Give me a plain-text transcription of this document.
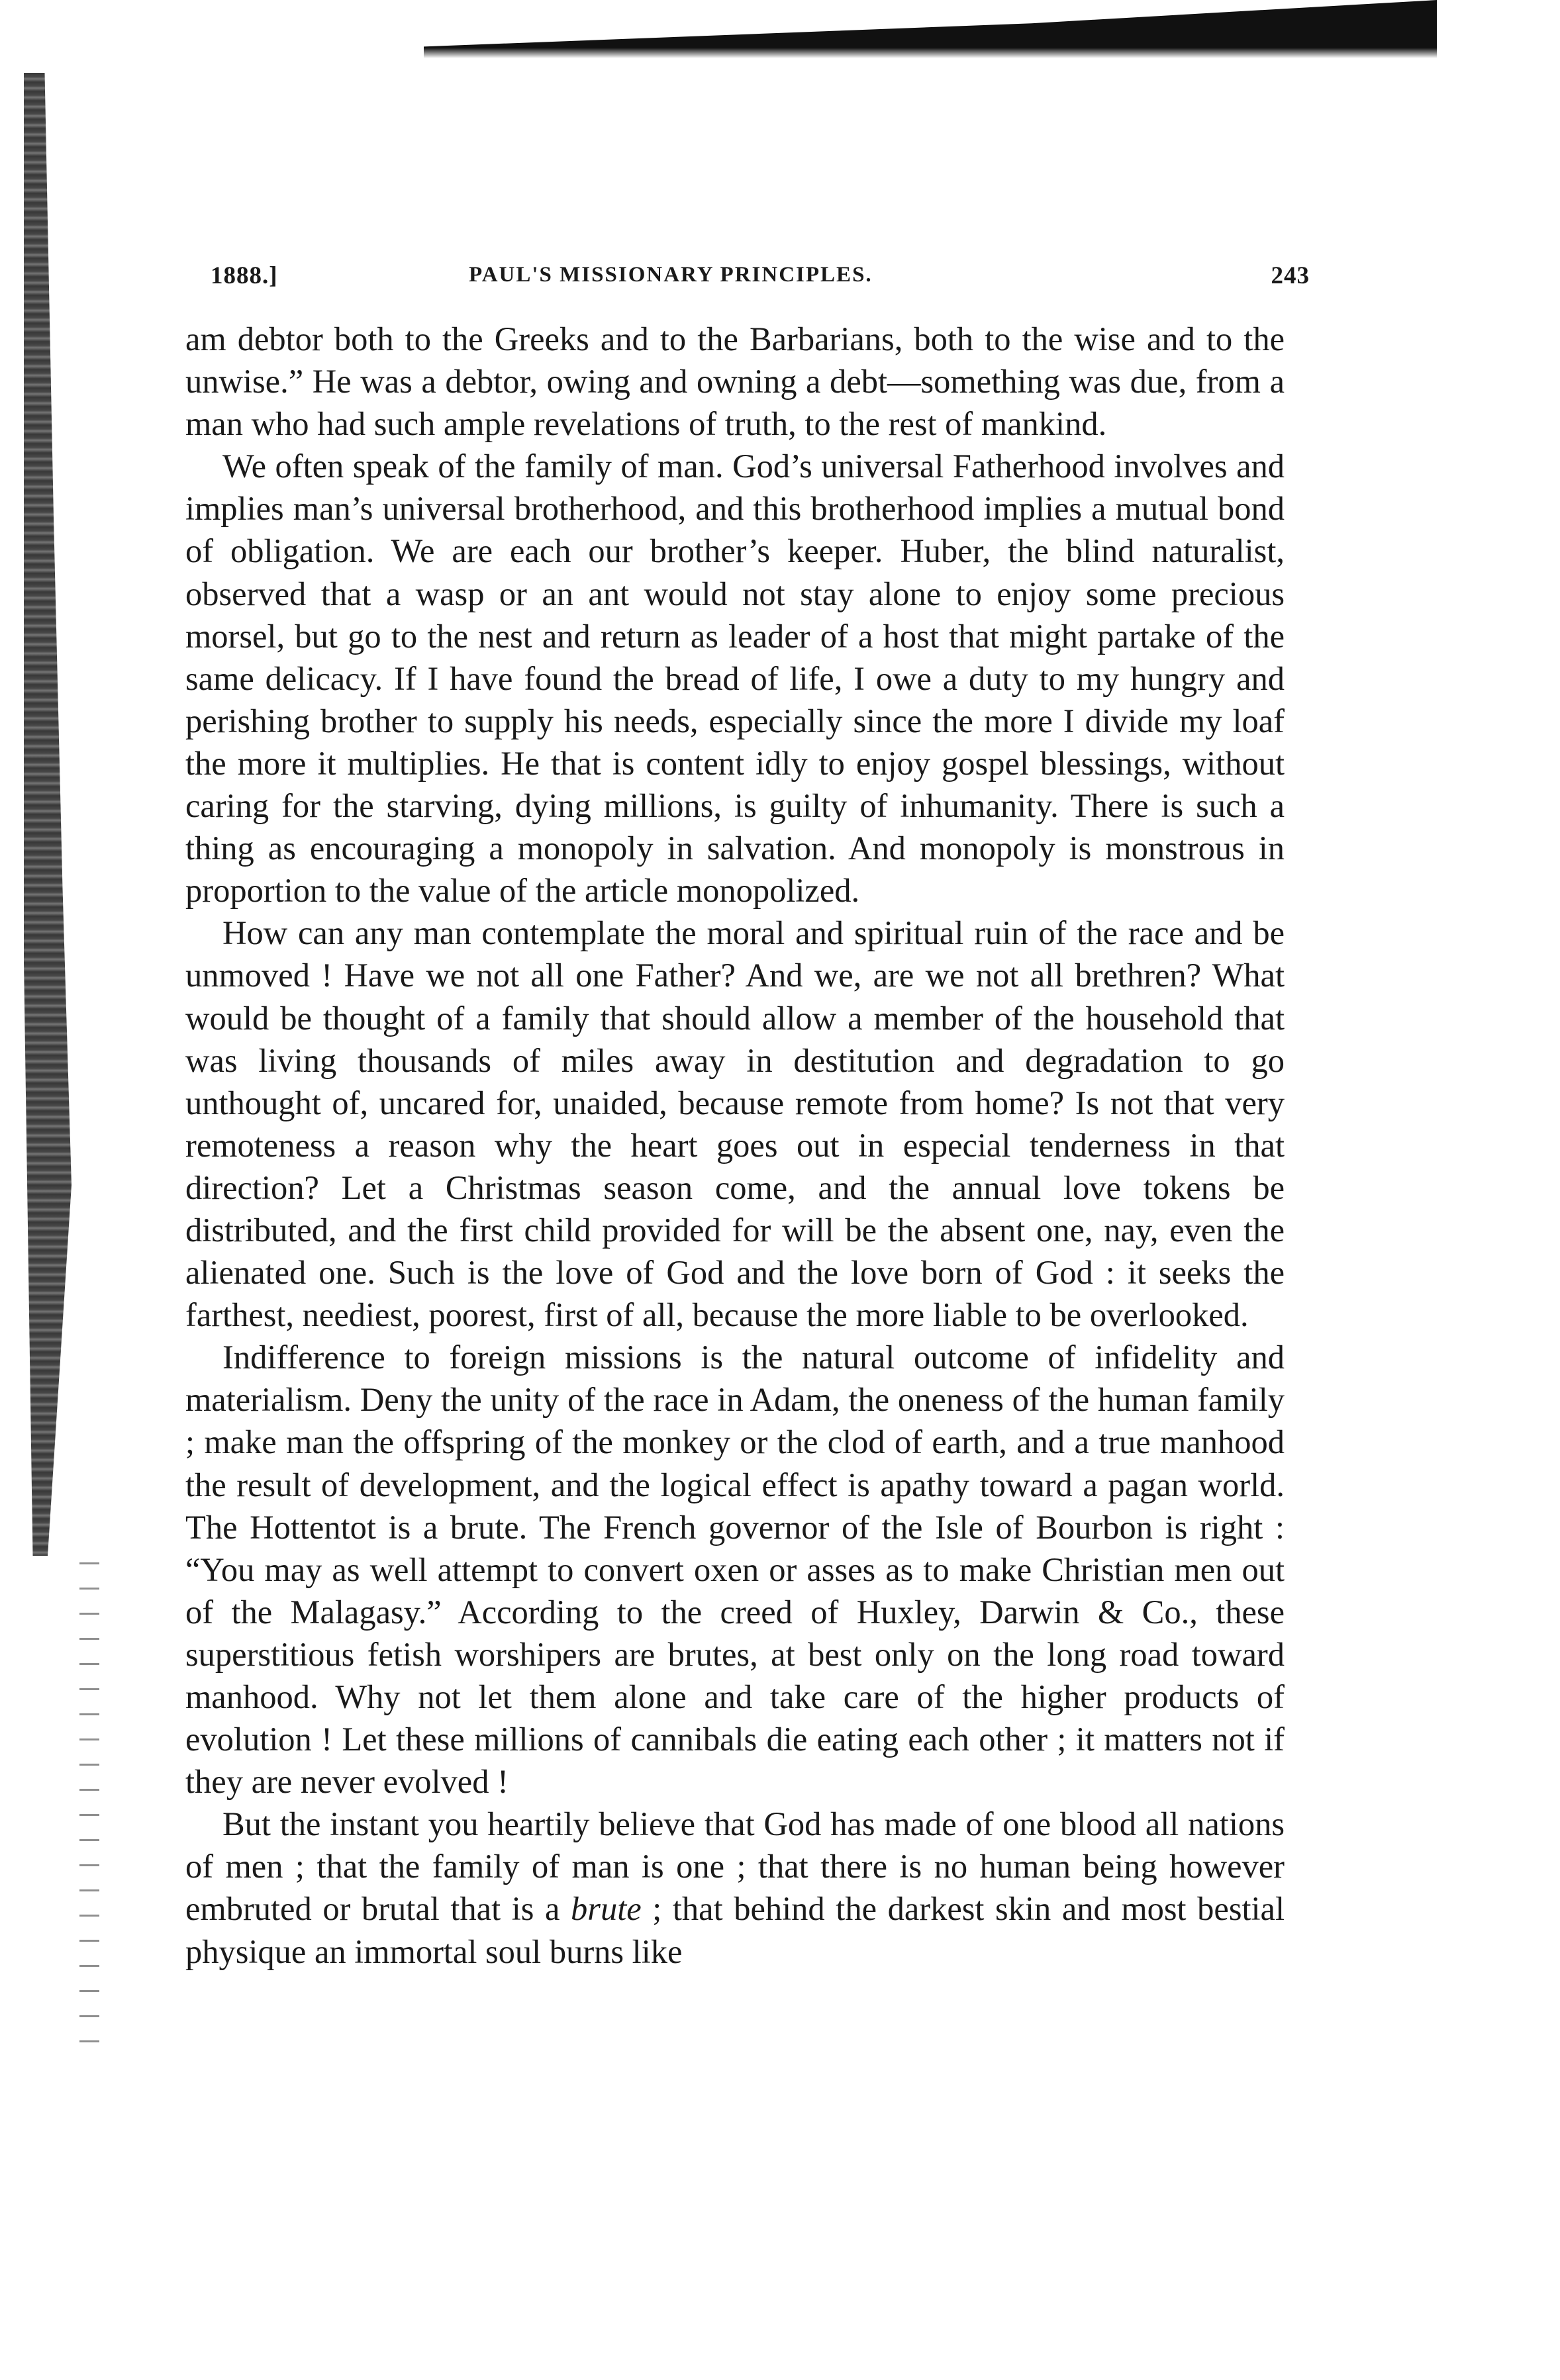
1888.]	PAUL'S MISSIONARY PRINCIPLES.	243

am debtor both to the Greeks and to the Barbarians, both to the wise and to the unwise.” He was a debtor, owing and owning a debt—something was due, from a man who had such ample revelations of truth, to the rest of mankind.

We often speak of the family of man. God’s universal Fatherhood involves and implies man’s universal brotherhood, and this brotherhood implies a mutual bond of obligation. We are each our brother’s keeper. Huber, the blind naturalist, observed that a wasp or an ant would not stay alone to enjoy some precious morsel, but go to the nest and return as leader of a host that might partake of the same delicacy. If I have found the bread of life, I owe a duty to my hungry and perishing brother to supply his needs, especially since the more I divide my loaf the more it multiplies. He that is content idly to enjoy gospel blessings, without caring for the starving, dying millions, is guilty of inhumanity. There is such a thing as encouraging a monopoly in salvation. And monopoly is monstrous in proportion to the value of the article monopolized.

How can any man contemplate the moral and spiritual ruin of the race and be unmoved ! Have we not all one Father? And we, are we not all brethren? What would be thought of a family that should allow a member of the household that was living thousands of miles away in destitution and degradation to go unthought of, uncared for, unaided, because remote from home? Is not that very remoteness a reason why the heart goes out in especial tenderness in that direction? Let a Christmas season come, and the annual love tokens be distributed, and the first child provided for will be the absent one, nay, even the alienated one. Such is the love of God and the love born of God : it seeks the farthest, neediest, poorest, first of all, because the more liable to be overlooked.

Indifference to foreign missions is the natural outcome of infidelity and materialism. Deny the unity of the race in Adam, the oneness of the human family ; make man the offspring of the monkey or the clod of earth, and a true manhood the result of development, and the logical effect is apathy toward a pagan world. The Hottentot is a brute. The French governor of the Isle of Bourbon is right : “You may as well attempt to convert oxen or asses as to make Christian men out of the Malagasy.” According to the creed of Huxley, Darwin & Co., these superstitious fetish worshipers are brutes, at best only on the long road toward manhood. Why not let them alone and take care of the higher products of evolution ! Let these millions of cannibals die eating each other ; it matters not if they are never evolved !

But the instant you heartily believe that God has made of one blood all nations of men ; that the family of man is one ; that there is no human being however embruted or brutal that is a brute ; that behind the darkest skin and most bestial physique an immortal soul burns like
